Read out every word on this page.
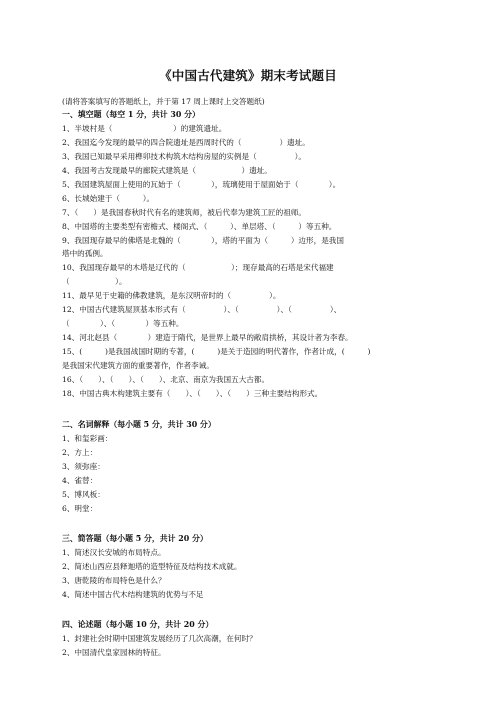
《中国古代建筑》期末考试题目
(请将答案填写的答题纸上，并于第 17 周上课时上交答题纸)
一、填空题（每空 1 分，共计 30 分）
1、半坡村是（　　　　　　　　）的建筑遗址。
2、我国迄今发现的最早的四合院遗址是西周时代的（　　　　　）遗址。
3、我国已知最早采用榫卯技术构筑木结构房屋的实例是（　　　　　）。
4、我国考古发现最早的廊院式建筑是（　　　　　　）遗址。
5、我国建筑屋面上使用的瓦始于（　　　　），琉璃使用于屋面始于（　　　　）。
6、长城始建于（　　　）。
7、（　　）是我国春秋时代有名的建筑师，被后代奉为建筑工匠的祖师。
8、中国塔的主要类型有密檐式、楼阁式、（　　　）、单层塔、（　　　）等五种。
9、我国现存最早的佛塔是北魏的（　　　　），塔的平面为（　　　）边形，是我国
塔中的孤例。
10、我国现存最早的木塔是辽代的（　　　　　　）；现存最高的石塔是宋代福建
（　　　　　　）。
11、最早见于史籍的佛教建筑，是东汉明帝时的（　　　　　）。
12、中国古代建筑屋顶基本形式有（　　　　　）、（　　　　　）、（　　　　　）、
（　　　　）、（　　　　）等五种。
14、河北赵县（　　　　）建造于隋代，是世界上最早的敞肩拱桥，其设计者为李春。
15、(　　　)是我国战国时期的专著，(　　　)是关于造园的明代著作，作者计成，(　　　)
是我国宋代建筑方面的重要著作，作者李诫。
16、（　　）、（　　）、（　　）、北京、南京为我国五大古都。
18、中国古典木构建筑主要有（　　）、（　　）、（　　）三种主要结构形式。
二、名词解释（每小题 5 分，共计 30 分）
1、和玺彩画：
2、方上：
3、须弥座：
4、雀替：
5、博风板：
6、明堂：
三、简答题（每小题 5 分，共计 20 分）
1、简述汉长安城的布局特点。
2、简述山西应县释迦塔的造型特征及结构技术成就。
3、唐乾陵的布局特色是什么？
4、简述中国古代木结构建筑的优势与不足
四、论述题（每小题 10 分，共计 20 分）
1、封建社会时期中国建筑发展经历了几次高潮，在何时？
2、中国清代皇家园林的特征。
